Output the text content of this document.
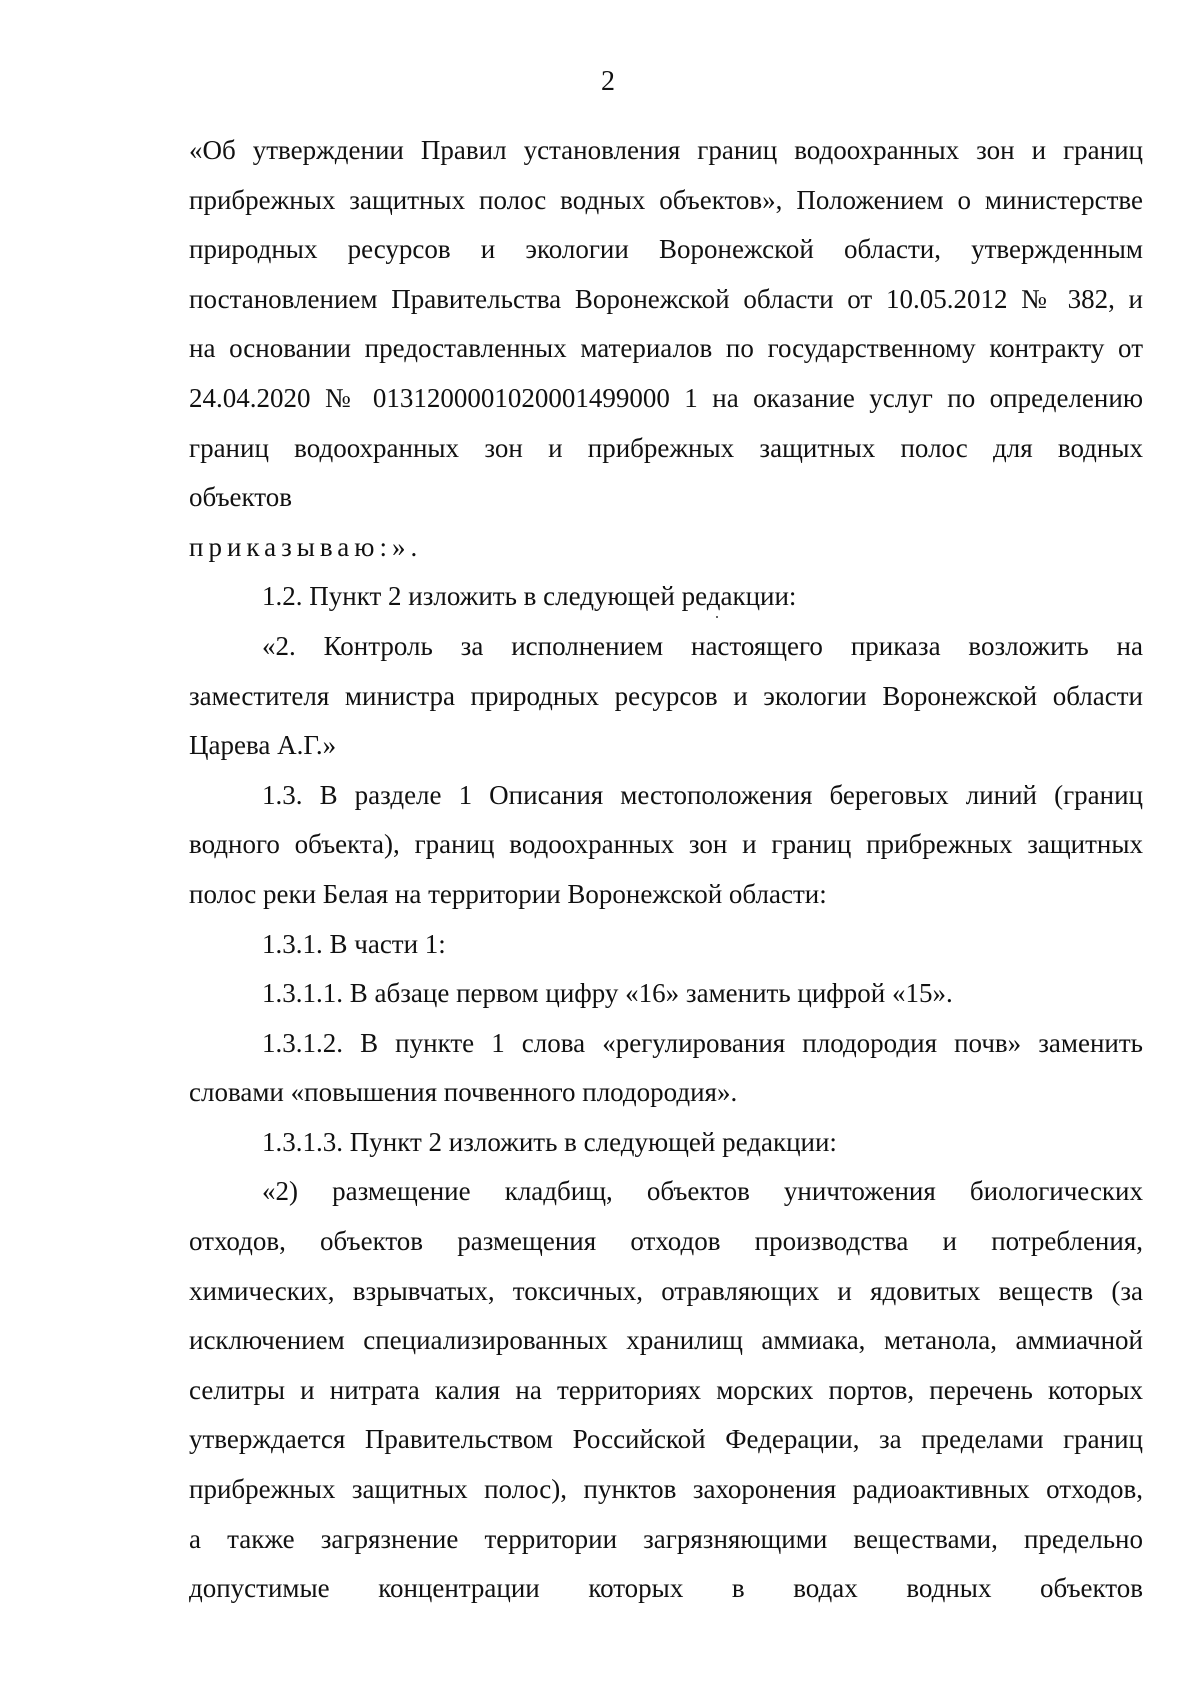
2
«Об утверждении Правил установления границ водоохранных зон и границ
прибрежных защитных полос водных объектов», Положением о министерстве
природных ресурсов и экологии Воронежской области, утвержденным
постановлением Правительства Воронежской области от 10.05.2012 № 382, и
на основании предоставленных материалов по государственному контракту от
24.04.2020 № 0131200001020001499000 1 на оказание услуг по определению
границ водоохранных зон и прибрежных защитных полос для водных
объектов
приказываю:».
1.2. Пункт 2 изложить в следующей редакции:
«2. Контроль за исполнением настоящего приказа возложить на
заместителя министра природных ресурсов и экологии Воронежской области
Царева А.Г.»
1.3. В разделе 1 Описания местоположения береговых линий (границ
водного объекта), границ водоохранных зон и границ прибрежных защитных
полос реки Белая на территории Воронежской области:
1.3.1. В части 1:
1.3.1.1. В абзаце первом цифру «16» заменить цифрой «15».
1.3.1.2. В пункте 1 слова «регулирования плодородия почв» заменить
словами «повышения почвенного плодородия».
1.3.1.3. Пункт 2 изложить в следующей редакции:
«2) размещение кладбищ, объектов уничтожения биологических
отходов, объектов размещения отходов производства и потребления,
химических, взрывчатых, токсичных, отравляющих и ядовитых веществ (за
исключением специализированных хранилищ аммиака, метанола, аммиачной
селитры и нитрата калия на территориях морских портов, перечень которых
утверждается Правительством Российской Федерации, за пределами границ
прибрежных защитных полос), пунктов захоронения радиоактивных отходов,
а также загрязнение территории загрязняющими веществами, предельно
допустимые концентрации которых в водах водных объектов
